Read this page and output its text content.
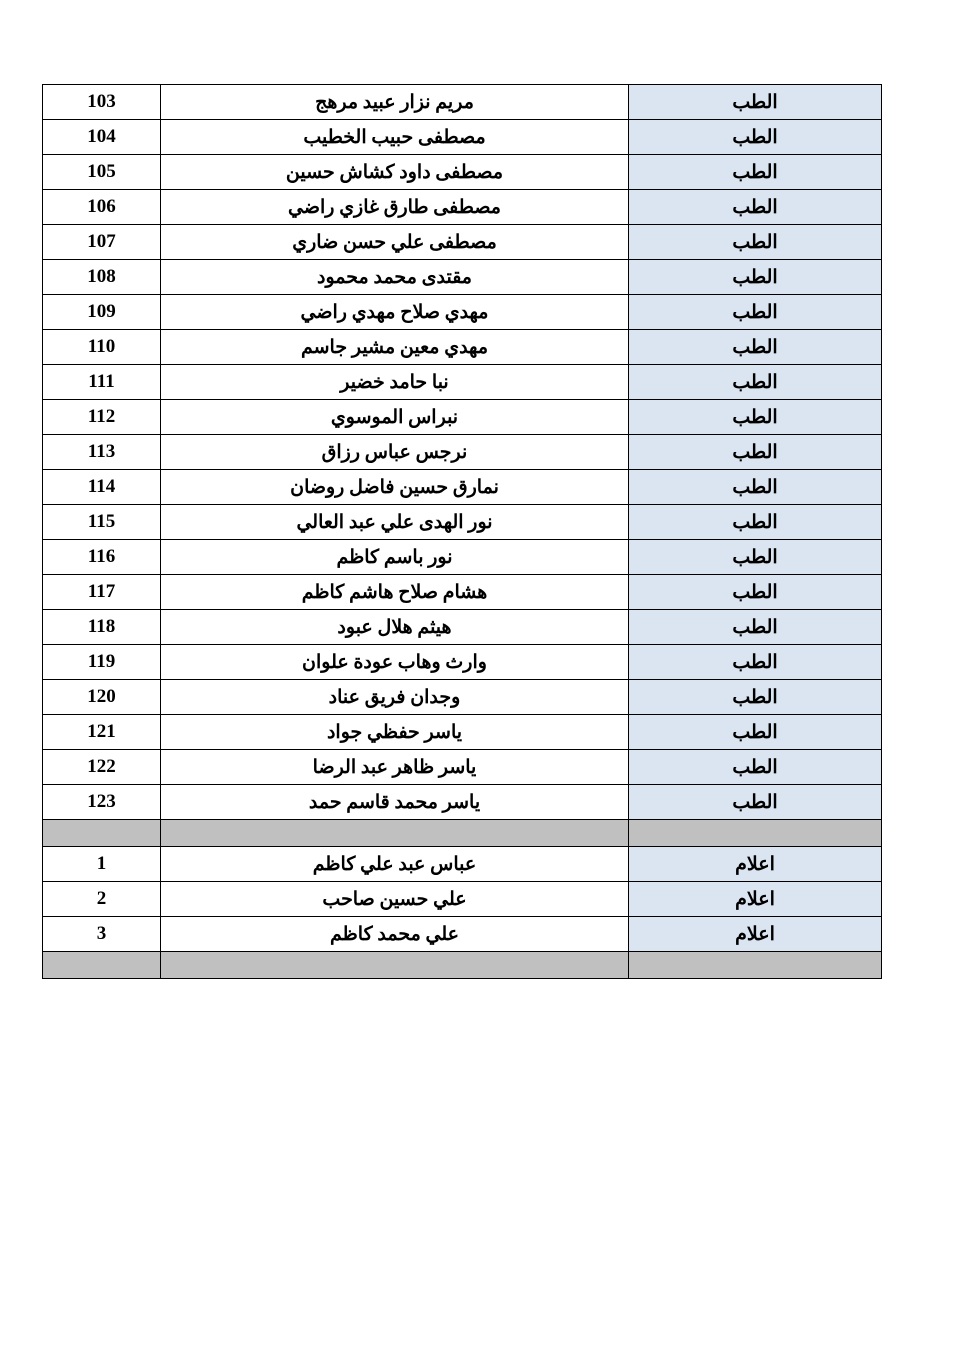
الطب	مريم نزار عبيد مرهج	103
الطب	مصطفى حبيب الخطيب	104
الطب	مصطفى داود كشاش حسين	105
الطب	مصطفى طارق غازي راضي	106
الطب	مصطفى علي حسن ضاري	107
الطب	مقتدى محمد محمود	108
الطب	مهدي صلاح مهدي راضي	109
الطب	مهدي معين مشير جاسم	110
الطب	نبا حامد خضير	111
الطب	نبراس الموسوي	112
الطب	نرجس عباس رزاق	113
الطب	نمارق حسين فاضل روضان	114
الطب	نور الهدى علي عبد العالي	115
الطب	نور باسم كاظم	116
الطب	هشام صلاح هاشم كاظم	117
الطب	هيثم هلال عبود	118
الطب	وارث وهاب عودة علوان	119
الطب	وجدان فريق عناد	120
الطب	ياسر حفظي جواد	121
الطب	ياسر ظاهر عبد الرضا	122
الطب	ياسر محمد قاسم حمد	123

اعلام	عباس عبد علي كاظم	1
اعلام	علي حسين صاحب	2
اعلام	علي محمد كاظم	3
